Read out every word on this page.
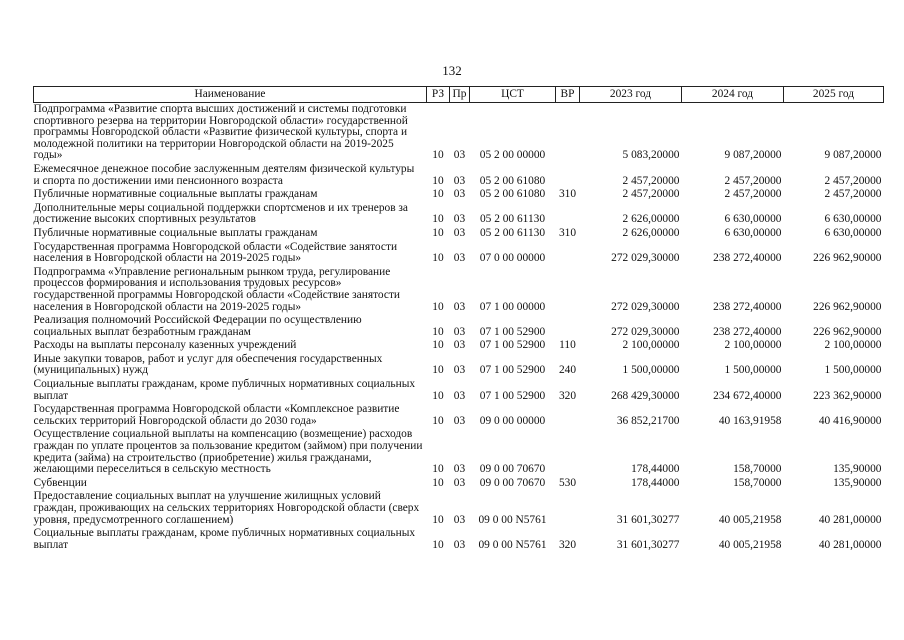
132
Наименование	РЗ	Пр	ЦСТ	ВР	2023 год	2024 год	2025 год
Подпрограмма «Развитие спорта высших достижений и системы подготовки спортивного резерва на территории Новгородской области» государственной программы Новгородской области «Развитие физической культуры, спорта и молодежной политики на территории Новгородской области на 2019-2025 годы»	10	03	05 2 00 00000		5 083,20000	9 087,20000	9 087,20000
Ежемесячное денежное пособие заслуженным деятелям физической культуры и спорта по достижении ими пенсионного возраста	10	03	05 2 00 61080		2 457,20000	2 457,20000	2 457,20000
Публичные нормативные социальные выплаты гражданам	10	03	05 2 00 61080	310	2 457,20000	2 457,20000	2 457,20000
Дополнительные меры социальной поддержки спортсменов и их тренеров за достижение высоких спортивных результатов	10	03	05 2 00 61130		2 626,00000	6 630,00000	6 630,00000
Публичные нормативные социальные выплаты гражданам	10	03	05 2 00 61130	310	2 626,00000	6 630,00000	6 630,00000
Государственная программа Новгородской области «Содействие занятости населения в Новгородской области на 2019-2025 годы»	10	03	07 0 00 00000		272 029,30000	238 272,40000	226 962,90000
Подпрограмма «Управление региональным рынком труда, регулирование процессов формирования и использования трудовых ресурсов» государственной программы Новгородской области «Содействие занятости населения в Новгородской области на 2019-2025 годы»	10	03	07 1 00 00000		272 029,30000	238 272,40000	226 962,90000
Реализация полномочий Российской Федерации по осуществлению социальных выплат безработным гражданам	10	03	07 1 00 52900		272 029,30000	238 272,40000	226 962,90000
Расходы на выплаты персоналу казенных учреждений	10	03	07 1 00 52900	110	2 100,00000	2 100,00000	2 100,00000
Иные закупки товаров, работ и услуг для обеспечения государственных (муниципальных) нужд	10	03	07 1 00 52900	240	1 500,00000	1 500,00000	1 500,00000
Социальные выплаты гражданам, кроме публичных нормативных социальных выплат	10	03	07 1 00 52900	320	268 429,30000	234 672,40000	223 362,90000
Государственная программа Новгородской области «Комплексное развитие сельских территорий Новгородской области до 2030 года»	10	03	09 0 00 00000		36 852,21700	40 163,91958	40 416,90000
Осуществление социальной выплаты на компенсацию (возмещение) расходов граждан по уплате процентов за пользование кредитом (займом) при получении кредита (займа) на строительство (приобретение) жилья гражданами, желающими переселиться в сельскую местность	10	03	09 0 00 70670		178,44000	158,70000	135,90000
Субвенции	10	03	09 0 00 70670	530	178,44000	158,70000	135,90000
Предоставление социальных выплат на улучшение жилищных условий граждан, проживающих на сельских территориях Новгородской области (сверх уровня, предусмотренного соглашением)	10	03	09 0 00 N5761		31 601,30277	40 005,21958	40 281,00000
Социальные выплаты гражданам, кроме публичных нормативных социальных выплат	10	03	09 0 00 N5761	320	31 601,30277	40 005,21958	40 281,00000
